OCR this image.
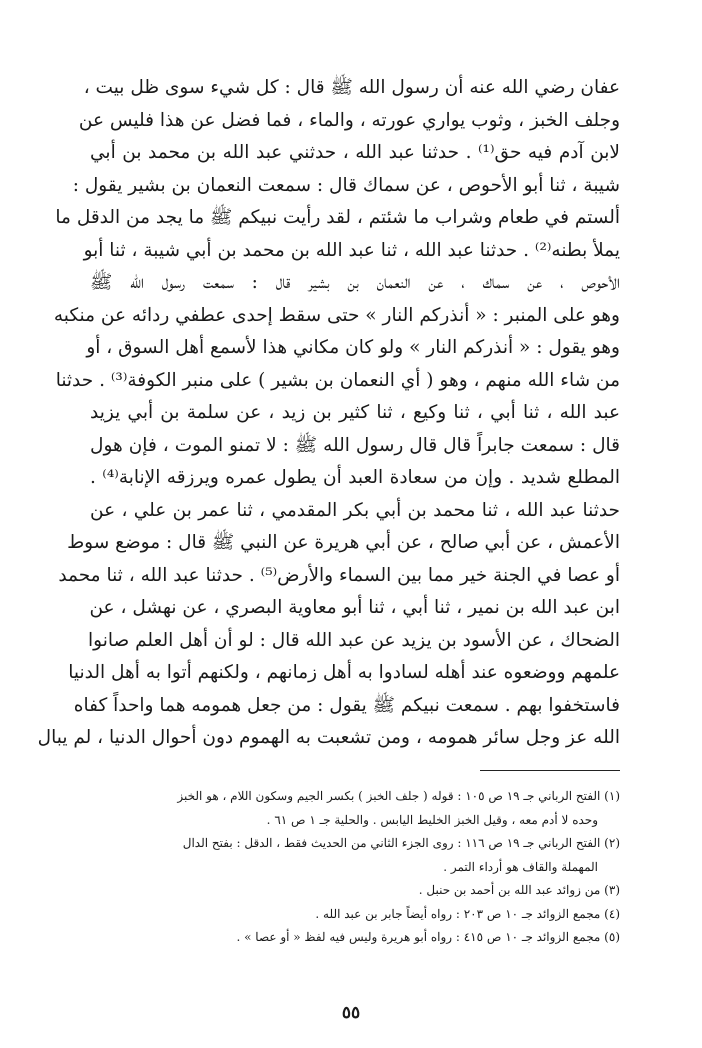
عفان رضي الله عنه أن رسول الله ﷺ قال : كل شيء سوى ظل بيت ،
وجلف الخبز ، وثوب يواري عورته ، والماء ، فما فضل عن هذا فليس عن
لابن آدم فيه حق⁽¹⁾ . حدثنا عبد الله ، حدثني عبد الله بن محمد بن أبي
شيبة ، ثنا أبو الأحوص ، عن سماك قال : سمعت النعمان بن بشير يقول :
ألستم في طعام وشراب ما شئتم ، لقد رأيت نبيكم ﷺ ما يجد من الدقل ما
يملأ بطنه⁽²⁾ . حدثنا عبد الله ، ثنا عبد الله بن محمد بن أبي شيبة ، ثنا أبو
الأحوص ، عن سماك ، عن النعمان بن بشير قال : سمعت رسول الله ﷺ
وهو على المنبر : « أنذركم النار » حتى سقط إحدى عطفي ردائه عن منكبه
وهو يقول : « أنذركم النار » ولو كان مكاني هذا لأسمع أهل السوق ، أو
من شاء الله منهم ، وهو ( أي النعمان بن بشير ) على منبر الكوفة⁽³⁾ . حدثنا
عبد الله ، ثنا أبي ، ثنا وكيع ، ثنا كثير بن زيد ، عن سلمة بن أبي يزيد
قال : سمعت جابراً قال قال رسول الله ﷺ : لا تمنو الموت ، فإن هول
المطلع شديد . وإن من سعادة العبد أن يطول عمره ويرزقه الإنابة⁽⁴⁾ .
حدثنا عبد الله ، ثنا محمد بن أبي بكر المقدمي ، ثنا عمر بن علي ، عن
الأعمش ، عن أبي صالح ، عن أبي هريرة عن النبي ﷺ قال : موضع سوط
أو عصا في الجنة خير مما بين السماء والأرض⁽⁵⁾ . حدثنا عبد الله ، ثنا محمد
ابن عبد الله بن نمير ، ثنا أبي ، ثنا أبو معاوية البصري ، عن نهشل ، عن
الضحاك ، عن الأسود بن يزيد عن عبد الله قال : لو أن أهل العلم صانوا
علمهم ووضعوه عند أهله لسادوا به أهل زمانهم ، ولكنهم أتوا به أهل الدنيا
فاستخفوا بهم . سمعت نبيكم ﷺ يقول : من جعل همومه هما واحداً كفاه
الله عز وجل سائر همومه ، ومن تشعبت به الهموم دون أحوال الدنيا ، لم يبال
(١) الفتح الرباني جـ ١٩ ص ١٠٥ : قوله ( جلف الخبز ) بكسر الجيم وسكون اللام ، هو الخبز
وحده لا أدم معه ، وقيل الخبز الخليط اليابس . والحلية جـ ١ ص ٦١ .
(٢) الفتح الرباني جـ ١٩ ص ١١٦ : روى الجزء الثاني من الحديث فقط ، الدقل : بفتح الدال
المهملة والقاف هو أرداء التمر .
(٣) من زوائد عبد الله بن أحمد بن حنبل .
(٤) مجمع الزوائد جـ ١٠ ص ٢٠٣ : رواه أيضاً جابر بن عبد الله .
(٥) مجمع الزوائد جـ ١٠ ص ٤١٥ : رواه أبو هريرة وليس فيه لفظ « أو عصا » .
٥٥
